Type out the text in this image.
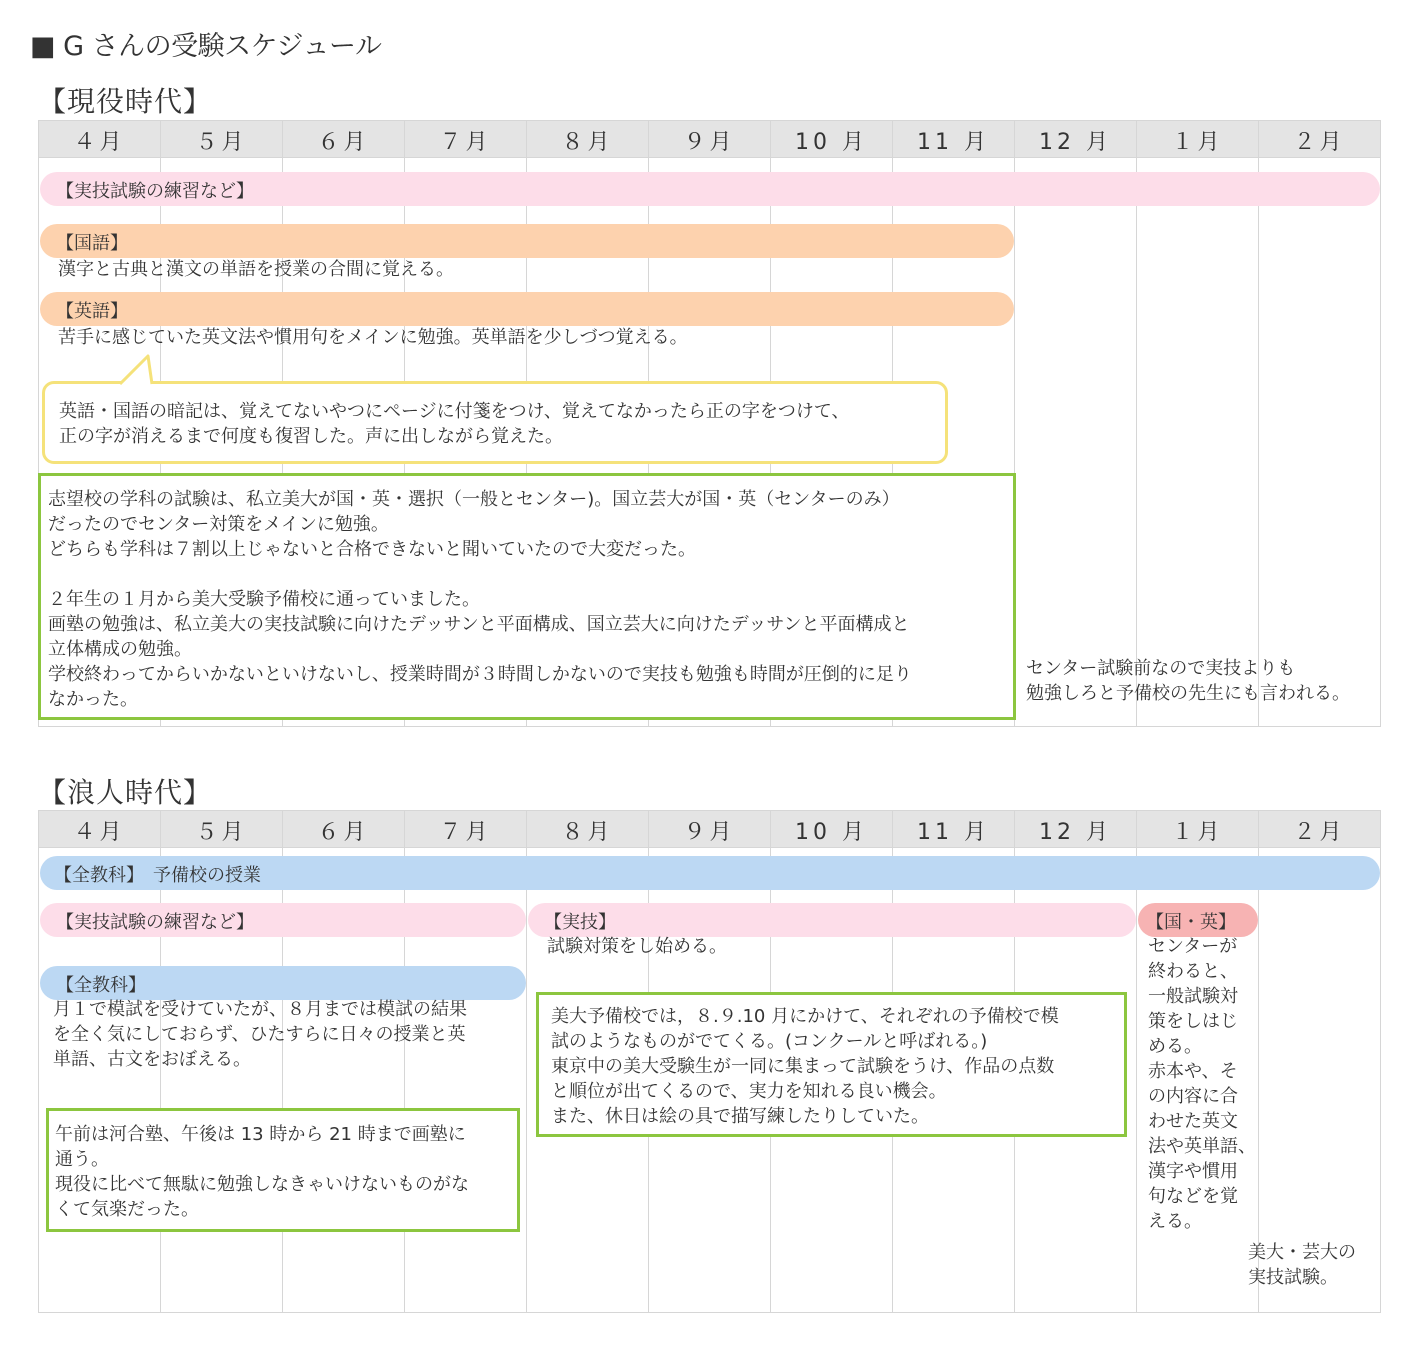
■ G さんの受験スケジュール
【現役時代】
４月	５月	６月	７月	８月	９月	10 月	11 月	12 月	１月	２月
【実技試験の練習など】
【国語】
漢字と古典と漢文の単語を授業の合間に覚える。
【英語】
苦手に感じていた英文法や慣用句をメインに勉強。英単語を少しづつ覚える。
英語・国語の暗記は、覚えてないやつにページに付箋をつけ、覚えてなかったら正の字をつけて、
正の字が消えるまで何度も復習した。声に出しながら覚えた。
志望校の学科の試験は、私立美大が国・英・選択（一般とセンター)。国立芸大が国・英（センターのみ）
だったのでセンター対策をメインに勉強。
どちらも学科は７割以上じゃないと合格できないと聞いていたので大変だった。

２年生の１月から美大受験予備校に通っていました。
画塾の勉強は、私立美大の実技試験に向けたデッサンと平面構成、国立芸大に向けたデッサンと平面構成と
立体構成の勉強。
学校終わってからいかないといけないし、授業時間が３時間しかないので実技も勉強も時間が圧倒的に足り
なかった。
センター試験前なので実技よりも
勉強しろと予備校の先生にも言われる。
【浪人時代】
４月	５月	６月	７月	８月	９月	10 月	11 月	12 月	１月	２月
【全教科】　予備校の授業
【実技試験の練習など】	【実技】
試験対策をし始める。
【国・英】
センターが
終わると、
一般試験対
策をしはじ
める。
赤本や、そ
の内容に合
わせた英文
法や英単語、
漢字や慣用
句などを覚
える。
【全教科】
月１で模試を受けていたが、８月までは模試の結果
を全く気にしておらず、ひたすらに日々の授業と英
単語、古文をおぼえる。
午前は河合塾、午後は 13 時から 21 時まで画塾に
通う。
現役に比べて無駄に勉強しなきゃいけないものがな
くて気楽だった。
美大予備校では，８.９.10 月にかけて、それぞれの予備校で模
試のようなものがでてくる。(コンクールと呼ばれる。)
東京中の美大受験生が一同に集まって試験をうけ、作品の点数
と順位が出てくるので、実力を知れる良い機会。
また、休日は絵の具で描写練したりしていた。
美大・芸大の
実技試験。
